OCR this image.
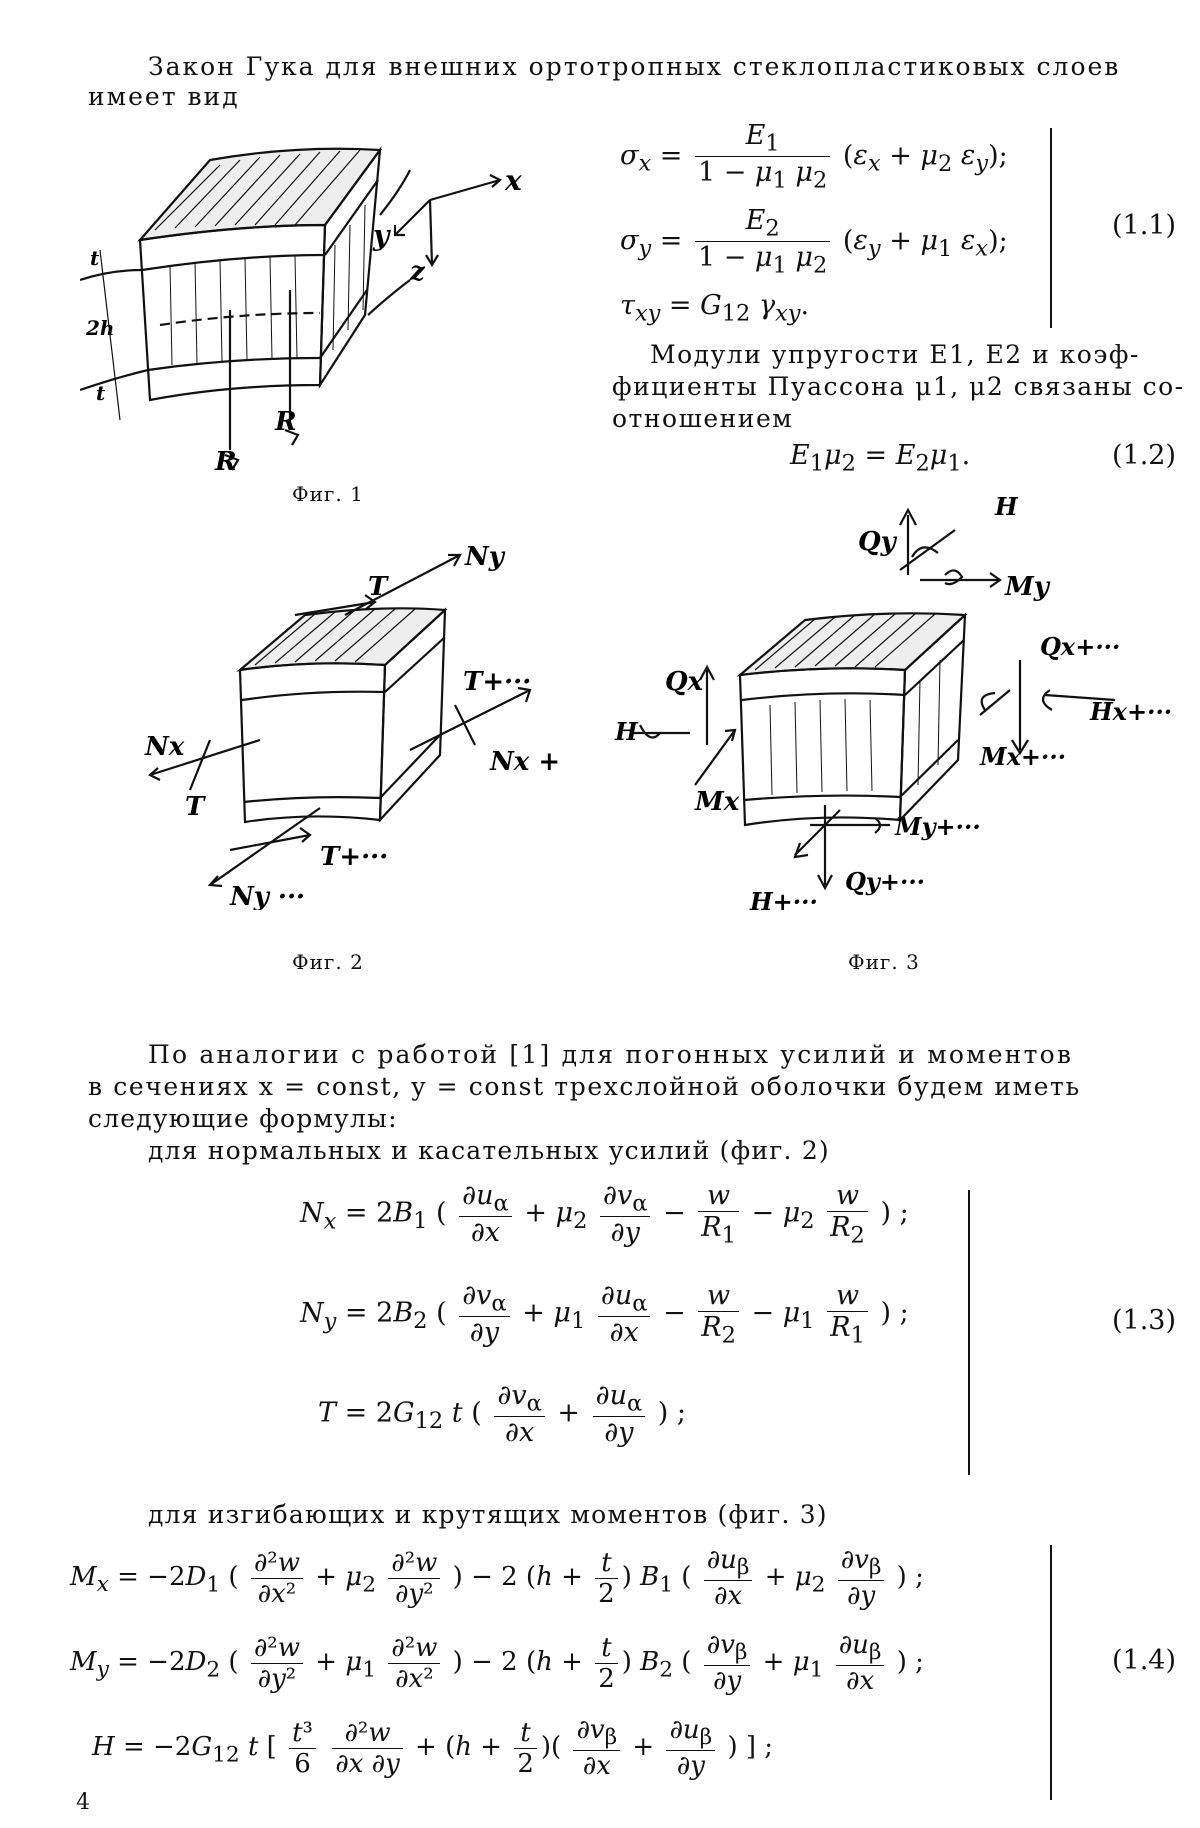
Закон Гука для внешних ортотропных стеклопластиковых слоев
имеет вид
x
y
z
R
R
t
2h
t
Фиг. 1
$\sigma_x = \frac{E_1}{1 - \mu_1 \mu_2} (\varepsilon_x + \mu_2$ $\varepsilon_y$);
$\sigma_y = \frac{E_2}{1 - \mu_1 \mu_2} (\varepsilon_y + \mu_1$ $\varepsilon_x$);
$\tau_{xy} = G_{12}$ $\gamma_{xy}$.
(1.1)
Модули упругости E1, E2 и коэф-
фициенты Пуассона μ1, μ2 связаны со-
отношением
$E_1\mu_2 = E_2\mu_1$.	(1.2)
Ny
T
T+···
Nx +
Nx
T
T+···
Ny ···
Фиг. 2
Qy
H
My
Qx
H
Mx
Qx+···
Hx+···
Mx+···
My+···
Qy+···
H+···
Фиг. 3
По аналогии с работой [1] для погонных усилий и моментов
в сечениях x = const, y = const трехслойной оболочки будем иметь
следующие формулы:
для нормальных и касательных усилий (фиг. 2)
$N_x = 2B_1$ ( $\frac{\partial u_\alpha}{\partial x} + \mu_2 \frac{\partial v_\alpha}{\partial y} - \frac{w}{R_1} - \mu_2 \frac{w}{R_2}$ ) ;
$N_y = 2B_2$ ( $\frac{\partial v_\alpha}{\partial y} + \mu_1 \frac{\partial u_\alpha}{\partial x} - \frac{w}{R_2} - \mu_1 \frac{w}{R_1}$ ) ;
$T = 2G_{12}$ t ( $\frac{\partial v_\alpha}{\partial x} + \frac{\partial u_\alpha}{\partial y}$ ) ;
(1.3)
для изгибающих и крутящих моментов (фиг. 3)
$M_x = -2D_1$ ( $\frac{\text{∂²w}}{\text{∂x²}} + \mu_2 \frac{\text{∂²w}}{\text{∂y²}}$ ) − 2 ($h + \frac{t}{2}$ ) $B_1$ ( $\frac{\partial u_\beta}{\partial x} + \mu_2 \frac{\partial v_\beta}{\partial y}$ ) ;
$M_y = -2D_2$ ( $\frac{\text{∂²w}}{\text{∂y²}} + \mu_1 \frac{\text{∂²w}}{\text{∂x²}}$ ) − 2 ($h + \frac{t}{2}$ ) $B_2$ ( $\frac{\partial v_\beta}{\partial y} + \mu_1 \frac{\partial u_\beta}{\partial x}$ ) ;
$H = -2G_{12}$ t [ $\frac{\text{t³}}{6}$
$\frac{\text{∂²w}}{\partial x \partial y} + (h + \frac{t}{2}$ )( $\frac{\partial v_\beta}{\partial x} + \frac{\partial u_\beta}{\partial y}$ ) ] ;
(1.4)
4
